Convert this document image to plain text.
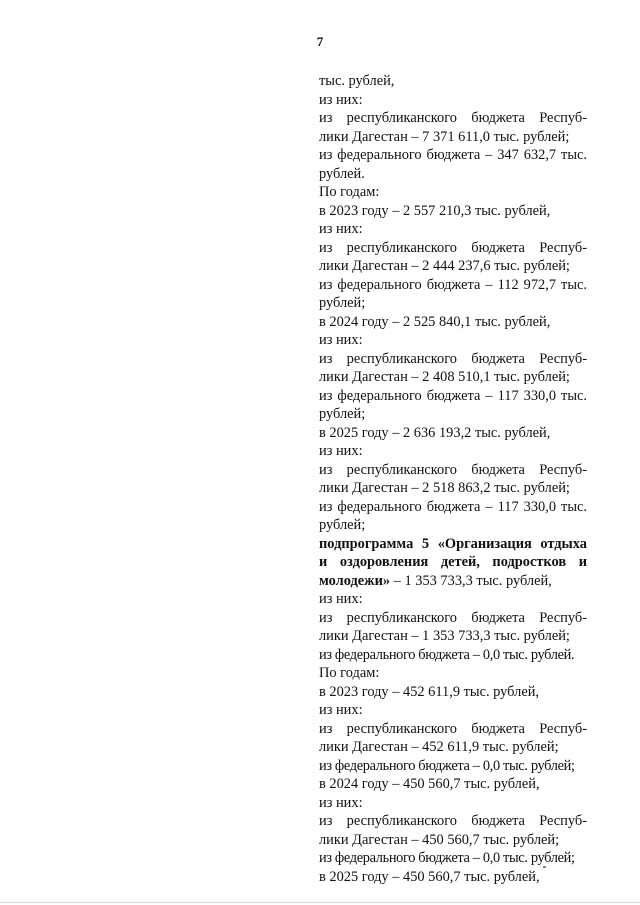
7
тыс. рублей,
из них:
из республиканского бюджета Респуб-
лики Дагестан – 7 371 611,0 тыс. рублей;
из федерального бюджета – 347 632,7 тыс.
рублей.
По годам:
в 2023 году – 2 557 210,3 тыс. рублей,
из них:
из республиканского бюджета Респуб-
лики Дагестан – 2 444 237,6 тыс. рублей;
из федерального бюджета – 112 972,7 тыс.
рублей;
в 2024 году – 2 525 840,1 тыс. рублей,
из них:
из республиканского бюджета Респуб-
лики Дагестан – 2 408 510,1 тыс. рублей;
из федерального бюджета – 117 330,0 тыс.
рублей;
в 2025 году – 2 636 193,2 тыс. рублей,
из них:
из республиканского бюджета Респуб-
лики Дагестан – 2 518 863,2 тыс. рублей;
из федерального бюджета – 117 330,0 тыс.
рублей;
подпрограмма 5 «Организация отдыха
и оздоровления детей, подростков и
молодежи» – 1 353 733,3 тыс. рублей,
из них:
из республиканского бюджета Респуб-
лики Дагестан – 1 353 733,3 тыс. рублей;
из федерального бюджета – 0,0 тыс. рублей.
По годам:
в 2023 году – 452 611,9 тыс. рублей,
из них:
из республиканского бюджета Респуб-
лики Дагестан – 452 611,9 тыс. рублей;
из федерального бюджета – 0,0 тыс. рублей;
в 2024 году – 450 560,7 тыс. рублей,
из них:
из республиканского бюджета Респуб-
лики Дагестан – 450 560,7 тыс. рублей;
из федерального бюджета – 0,0 тыс. рублей;
в 2025 году – 450 560,7 тыс. рублей,
